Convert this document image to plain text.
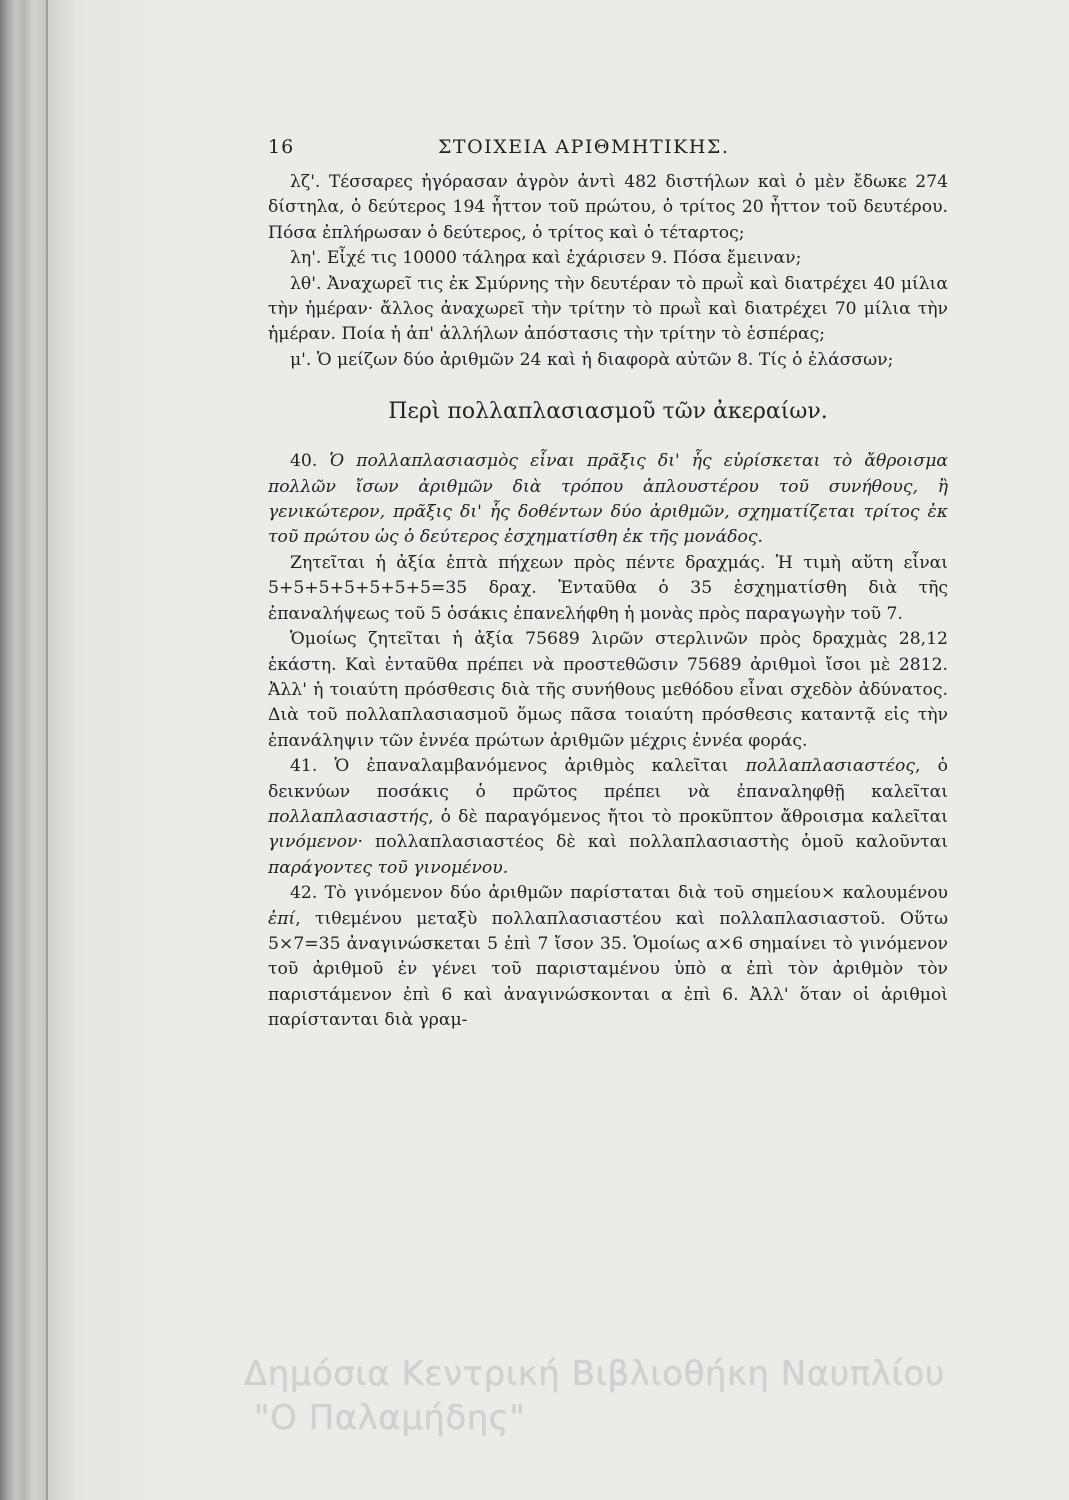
16	ΣΤΟΙΧΕΙΑ ΑΡΙΘΜΗΤΙΚΗΣ.

λζ'. Τέσσαρες ἠγόρασαν ἀγρὸν ἀντὶ 482 διστήλων καὶ ὁ μὲν ἔδωκε 274 δίστηλα, ὁ δεύτερος 194 ἧττον τοῦ πρώτου, ὁ τρίτος 20 ἧττον τοῦ δευτέρου. Πόσα ἐπλήρωσαν ὁ δεύτερος, ὁ τρίτος καὶ ὁ τέταρτος;

λη'. Εἶχέ τις 10000 τάληρα καὶ ἐχάρισεν 9. Πόσα ἔμειναν;

λθ'. Ἀναχωρεῖ τις ἐκ Σμύρνης τὴν δευτέραν τὸ πρωῒ καὶ διατρέχει 40 μίλια τὴν ἡμέραν· ἄλλος ἀναχωρεῖ τὴν τρίτην τὸ πρωῒ καὶ διατρέχει 70 μίλια τὴν ἡμέραν. Ποία ἡ ἀπ' ἀλλήλων ἀπόστασις τὴν τρίτην τὸ ἑσπέρας;

μ'. Ὁ μείζων δύο ἀριθμῶν 24 καὶ ἡ διαφορὰ αὐτῶν 8. Τίς ὁ ἐλάσσων;

Περὶ πολλαπλασιασμοῦ τῶν ἀκεραίων.

40. Ὁ πολλαπλασιασμὸς εἶναι πρᾶξις δι' ἧς εὑρίσκεται τὸ ἄθροισμα πολλῶν ἴσων ἀριθμῶν διὰ τρόπου ἁπλουστέρου τοῦ συνήθους, ἢ γενικώτερον, πρᾶξις δι' ἧς δοθέντων δύο ἀριθμῶν, σχηματίζεται τρίτος ἐκ τοῦ πρώτου ὡς ὁ δεύτερος ἐσχηματίσθη ἐκ τῆς μονάδος.

Ζητεῖται ἡ ἀξία ἑπτὰ πήχεων πρὸς πέντε δραχμάς. Ἡ τιμὴ αὕτη εἶναι 5+5+5+5+5+5+5=35 δραχ. Ἐνταῦθα ὁ 35 ἐσχηματίσθη διὰ τῆς ἐπαναλήψεως τοῦ 5 ὁσάκις ἐπανελήφθη ἡ μονὰς πρὸς παραγωγὴν τοῦ 7.

Ὁμοίως ζητεῖται ἡ ἀξία 75689 λιρῶν στερλινῶν πρὸς δραχμὰς 28,12 ἑκάστη. Καὶ ἐνταῦθα πρέπει νὰ προστεθῶσιν 75689 ἀριθμοὶ ἴσοι μὲ 2812. Ἀλλ' ἡ τοιαύτη πρόσθεσις διὰ τῆς συνήθους μεθόδου εἶναι σχεδὸν ἀδύνατος. Διὰ τοῦ πολλαπλασιασμοῦ ὅμως πᾶσα τοιαύτη πρόσθεσις καταντᾷ εἰς τὴν ἐπανάληψιν τῶν ἐννέα πρώτων ἀριθμῶν μέχρις ἐννέα φοράς.

41. Ὁ ἐπαναλαμβανόμενος ἀριθμὸς καλεῖται πολλαπλασιαστέος, ὁ δεικνύων ποσάκις ὁ πρῶτος πρέπει νὰ ἐπαναληφθῇ καλεῖται πολλαπλασιαστής, ὁ δὲ παραγόμενος ἤτοι τὸ προκῦπτον ἄθροισμα καλεῖται γινόμενον· πολλαπλασιαστέος δὲ καὶ πολλαπλασιαστὴς ὁμοῦ καλοῦνται παράγοντες τοῦ γινομένου.

42. Τὸ γινόμενον δύο ἀριθμῶν παρίσταται διὰ τοῦ σημείου× καλουμένου ἐπί, τιθεμένου μεταξὺ πολλαπλασιαστέου καὶ πολλαπλασιαστοῦ. Οὕτω 5×7=35 ἀναγινώσκεται 5 ἐπὶ 7 ἴσον 35. Ὁμοίως α×6 σημαίνει τὸ γινόμενον τοῦ ἀριθμοῦ ἐν γένει τοῦ παρισταμένου ὑπὸ α ἐπὶ τὸν ἀριθμὸν τὸν παριστάμενον ἐπὶ 6 καὶ ἀναγινώσκονται α ἐπὶ 6. Ἀλλ' ὅταν οἱ ἀριθμοὶ παρίστανται διὰ γραμ-

Δημόσια Κεντρική Βιβλιοθήκη Ναυπλίου
"Ο Παλαμήδης"
